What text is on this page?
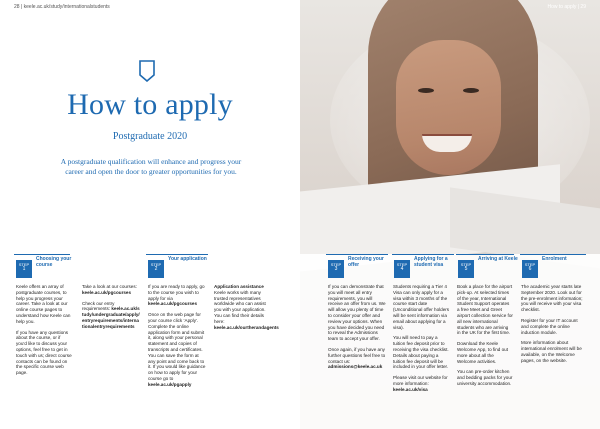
28 | keele.ac.uk/study/internationalstudents
How to apply
Postgraduate 2020
A postgraduate qualification will enhance and progress your career and open the door to greater opportunities for you.
How to apply | 29
STEP
1
Choosing your course

Keele offers an array of postgraduate courses, to help you progress your career. Take a look at our online course pages to understand how Keele can help you.

If you have any questions about the course, or if you’d like to discuss your options, feel free to get in touch with us; direct course contacts can be found on the specific course web page.

Take a look at our courses: keele.ac.uk/pgcourses

Check our entry requirements: keele.ac.uk/study/undergraduate/apply/entryrequirements/internationalentryrequirements

STEP
2
Your application

If you are ready to apply, go to the course you wish to apply for via keele.ac.uk/pgcourses

Once on the web page for your course click ‘Apply’. Complete the online application form and submit it, along with your personal statement and copies of transcripts and certificates. You can save the form at any point and come back to it. If you would like guidance on how to apply for your course go to keele.ac.uk/pgapply

Application assistance Keele works with many trusted representatives worldwide who can assist you with your application. You can find their details here: keele.ac.uk/ourtherandagents

STEP
3
Receiving your offer

If you can demonstrate that you will meet all entry requirements, you will receive an offer from us. We will allow you plenty of time to consider your offer and review your options. When you have decided you need to reveal the Admissions team to accept your offer.

Once again, if you have any further questions feel free to contact us: admissions@keele.ac.uk

STEP
4
Applying for a student visa

Students requiring a Tier 4 Visa can only apply for a visa within 3 months of the course start date (Unconditional offer holders will be sent information via email about applying for a visa).

You will need to pay a tuition fee deposit prior to receiving the visa checklist. Details about paying a tuition fee deposit will be included in your offer letter.

Please visit our website for more information: keele.ac.uk/visa

STEP
5
Arriving at Keele

Book a place for the airport pick-up. At selected times of the year, International Student Support operates a free Meet and Greet airport collection service for all new international students who are arriving in the UK for the first time.

Download the Keele Welcome App, to find out more about all the Welcome activities.

You can pre-order kitchen and bedding packs for your university accommodation.

STEP
6
Enrolment

The academic year starts late September 2020. Look out for the pre-enrolment information; you will receive with your visa checklist.

Register for your IT account and complete the online induction module.

More information about international enrolment will be available, on the Welcome pages, on the website.
